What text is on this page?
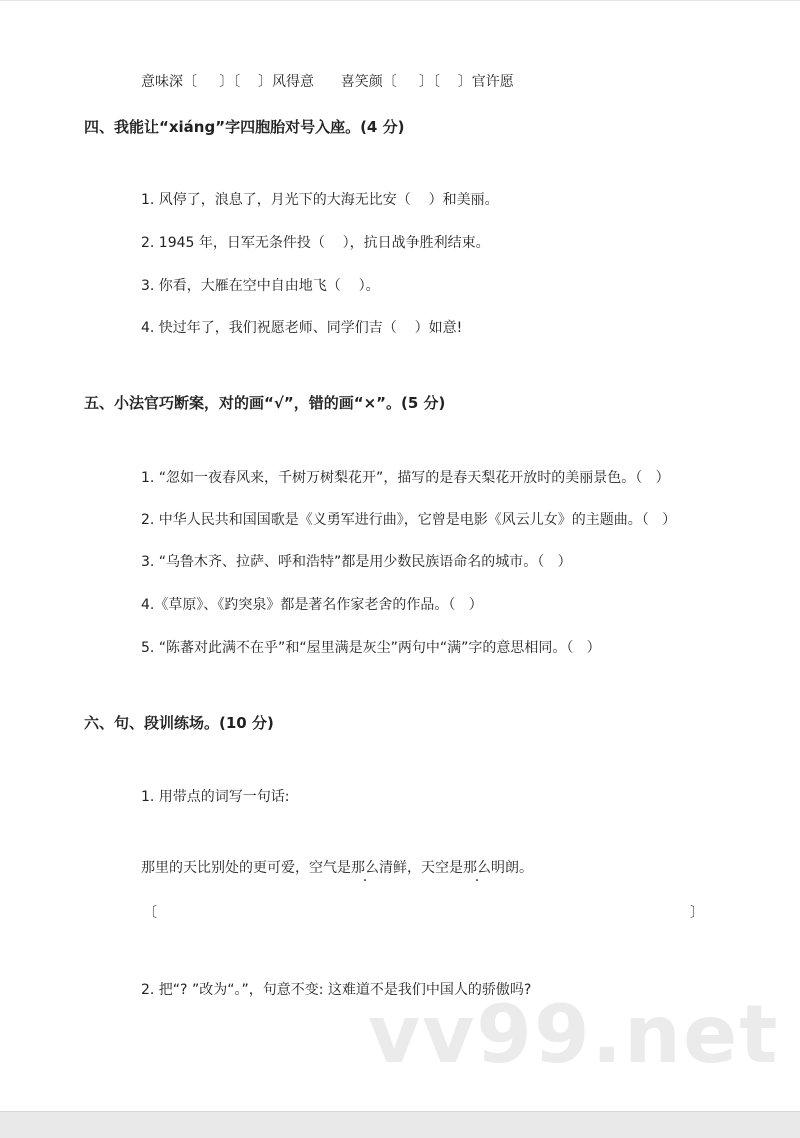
意味深〔     〕〔    〕风得意      喜笑颜〔     〕〔    〕官许愿
四、我能让“xiáng”字四胞胎对号入座。(4 分)
1. 风停了，浪息了，月光下的大海无比安（    ）和美丽。
2. 1945 年，日军无条件投（    ），抗日战争胜利结束。
3. 你看，大雁在空中自由地飞（    ）。
4. 快过年了，我们祝愿老师、同学们吉（    ）如意!
五、小法官巧断案，对的画“√”，错的画“×”。(5 分)
1. “忽如一夜春风来，千树万树梨花开”，描写的是春天梨花开放时的美丽景色。（   ）
2. 中华人民共和国国歌是《义勇军进行曲》，它曾是电影《风云儿女》的主题曲。（   ）
3. “乌鲁木齐、拉萨、呼和浩特”都是用少数民族语命名的城市。（   ）
4.《草原》、《趵突泉》都是著名作家老舍的作品。（   ）
5. “陈蕃对此满不在乎”和“屋里满是灰尘”两句中“满”字的意思相同。（   ）
六、句、段训练场。(10 分)
1. 用带点的词写一句话:
那里的天比别处的更可爱，空气是那么清鲜，天空是那么明朗。
〔	〕
2. 把“? ”改为“。”，句意不变: 这难道不是我们中国人的骄傲吗?
vv99.net
